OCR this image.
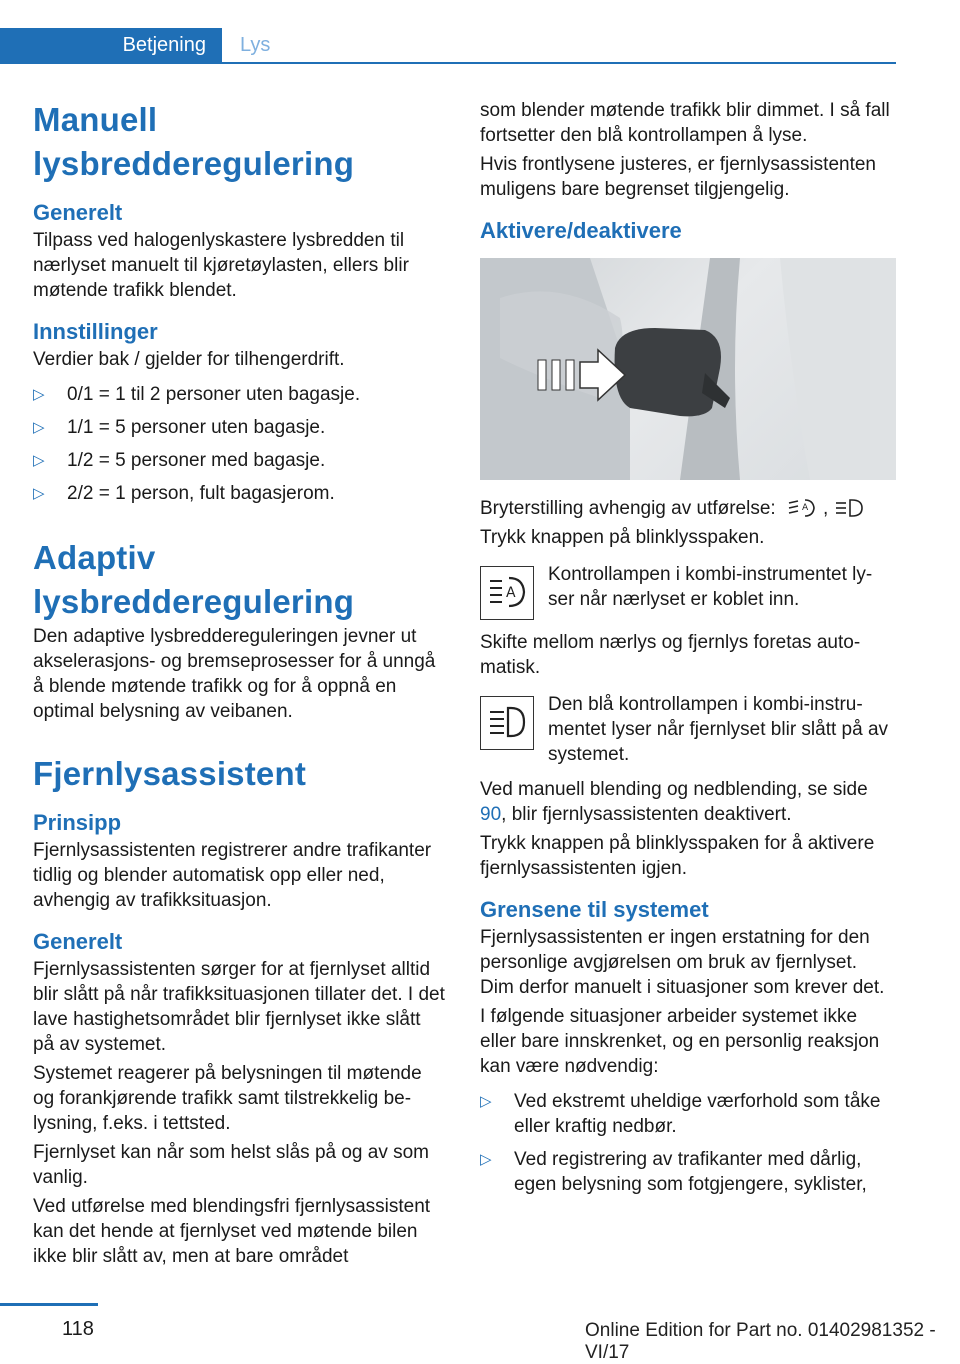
Betjening Lys
Manuell lysbredderegulering
Generelt

Tilpass ved halogenlyskastere lysbredden til nærlyset manuelt til kjøretøylasten, ellers blir møtende trafikk blendet.

Innstillinger

Verdier bak / gjelder for tilhengerdrift.

▷ 0/1 = 1 til 2 personer uten bagasje.
▷ 1/1 = 5 personer uten bagasje.
▷ 1/2 = 5 personer med bagasje.
▷ 2/2 = 1 person, fult bagasjerom.
Adaptiv lysbredderegulering

Den adaptive lysbreddereguleringen jevner ut akselerasjons- og bremseprosesser for å unngå å blende møtende trafikk og for å oppnå en optimal belysning av veibanen.

Fjernlysassistent
Prinsipp

Fjernlysassistenten registrerer andre trafikanter tidlig og blender automatisk opp eller ned, avhengig av trafikksituasjon.

Generelt

Fjernlysassistenten sørger for at fjernlyset alltid blir slått på når trafikksituasjonen tillater det. I det lave hastighetsområdet blir fjernlyset ikke slått på av systemet.

Systemet reagerer på belysningen til møtende og forankjørende trafikk samt tilstrekkelig belysning, f.eks. i tettsted.

Fjernlyset kan når som helst slås på og av som vanlig.

Ved utførelse med blendingsfri fjernlysassistent kan det hende at fjernlyset ved møtende bilen ikke blir slått av, men at bare området

som blender møtende trafikk blir dimmet. I så fall fortsetter den blå kontrollampen å lyse.

Hvis frontlysene justeres, er fjernlysassistenten muligens bare begrenset tilgjengelig.

Aktivere/deaktivere

Bryterstilling avhengig av utførelse:	A ,

Trykk knappen på blinklysspaken.

A

Kontrollampen i kombi-instrumentet lyser når nærlyset er koblet inn.

Skifte mellom nærlys og fjernlys foretas automatisk.

Den blå kontrollampen i kombi-instrumentet lyser når fjernlyset blir slått på av systemet.

Ved manuell blending og nedblending, se side 90, blir fjernlysassistenten deaktivert.

Trykk knappen på blinklysspaken for å aktivere fjernlysassistenten igjen.

Grensene til systemet

Fjernlysassistenten er ingen erstatning for den personlige avgjørelsen om bruk av fjernlyset. Dim derfor manuelt i situasjoner som krever det.

I følgende situasjoner arbeider systemet ikke eller bare innskrenket, og en personlig reaksjon kan være nødvendig:

▷ Ved ekstremt uheldige værforhold som tåke eller kraftig nedbør.
▷ Ved registrering av trafikanter med dårlig, egen belysning som fotgjengere, syklister,
118	Online Edition for Part no. 01402981352 - VI/17
